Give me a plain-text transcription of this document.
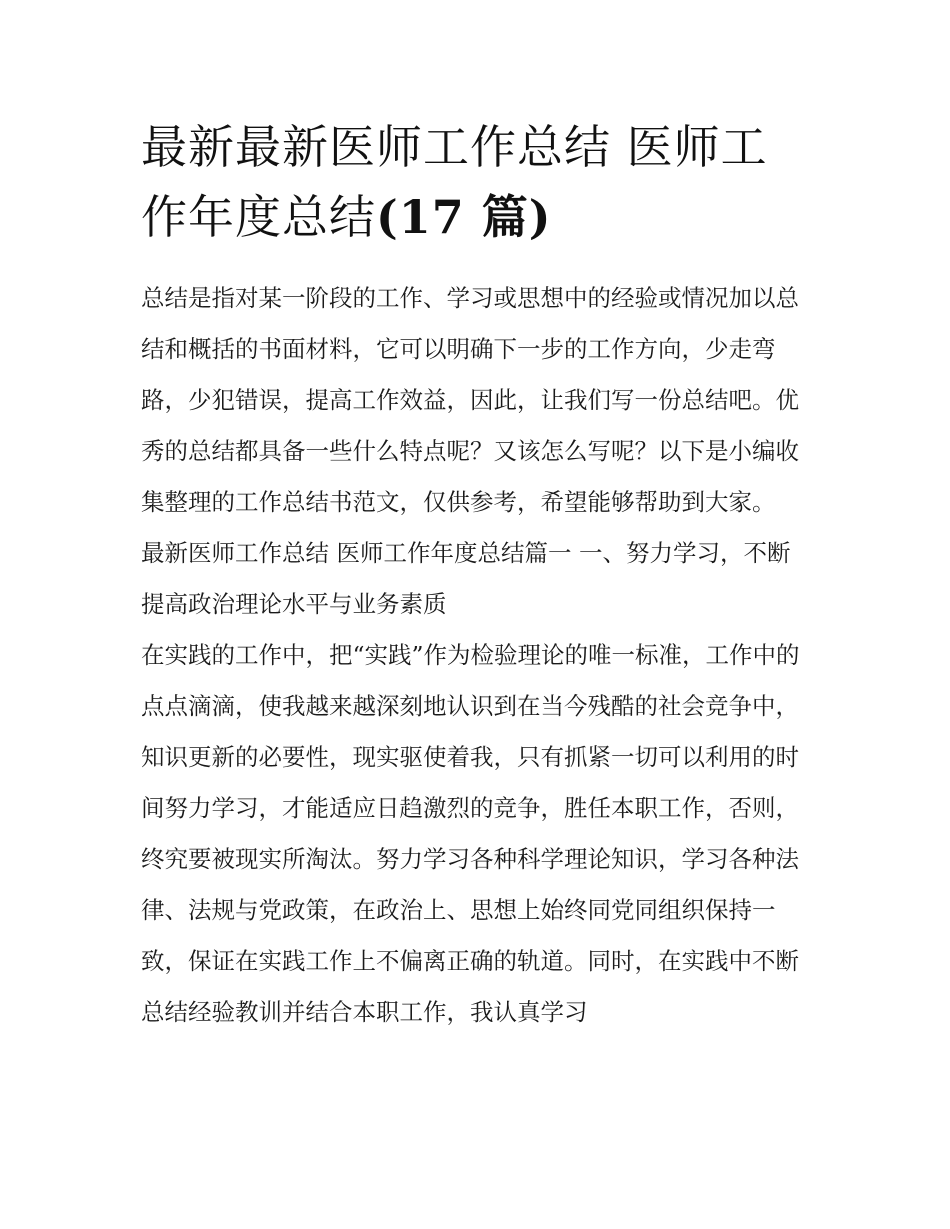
最新最新医师工作总结 医师工作年度总结(17 篇)

总结是指对某一阶段的工作、学习或思想中的经验或情况加以总结和概括的书面材料，它可以明确下一步的工作方向，少走弯路，少犯错误，提高工作效益，因此，让我们写一份总结吧。优秀的总结都具备一些什么特点呢？又该怎么写呢？以下是小编收集整理的工作总结书范文，仅供参考，希望能够帮助到大家。

最新医师工作总结 医师工作年度总结篇一 一、努力学习，不断提高政治理论水平与业务素质

在实践的工作中，把“实践”作为检验理论的唯一标准，工作中的点点滴滴，使我越来越深刻地认识到在当今残酷的社会竞争中，知识更新的必要性，现实驱使着我，只有抓紧一切可以利用的时间努力学习，才能适应日趋激烈的竞争，胜任本职工作，否则，终究要被现实所淘汰。努力学习各种科学理论知识，学习各种法律、法规与党政策，在政治上、思想上始终同党同组织保持一致，保证在实践工作上不偏离正确的轨道。同时，在实践中不断总结经验教训并结合本职工作，我认真学习
